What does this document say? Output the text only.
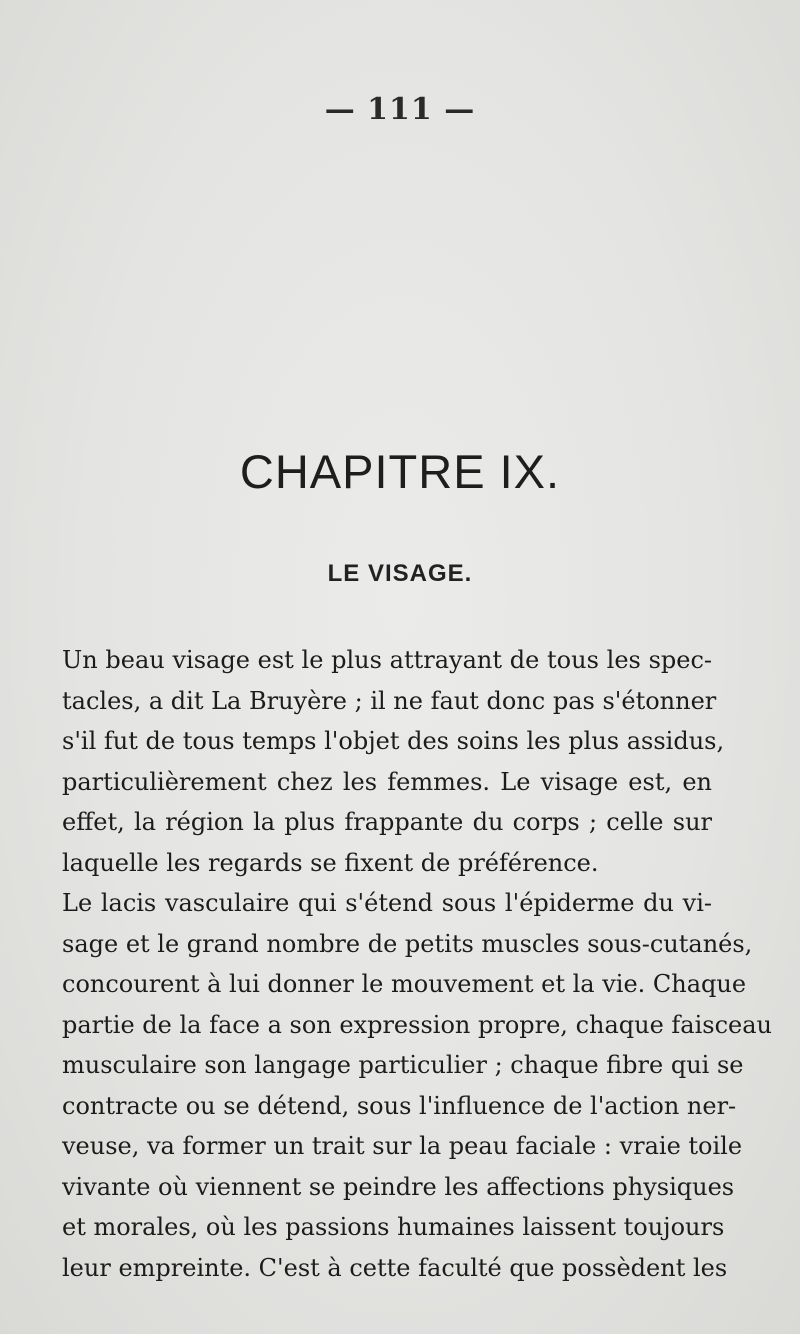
— 111 —
CHAPITRE IX.
LE VISAGE.
Un beau visage est le plus attrayant de tous les spec-
tacles, a dit La Bruyère ; il ne faut donc pas s'étonner
s'il fut de tous temps l'objet des soins les plus assidus,
particulièrement chez les femmes. Le visage est, en
effet, la région la plus frappante du corps ; celle sur
laquelle les regards se fixent de préférence.
Le lacis vasculaire qui s'étend sous l'épiderme du vi-
sage et le grand nombre de petits muscles sous-cutanés,
concourent à lui donner le mouvement et la vie. Chaque
partie de la face a son expression propre, chaque faisceau
musculaire son langage particulier ; chaque fibre qui se
contracte ou se détend, sous l'influence de l'action ner-
veuse, va former un trait sur la peau faciale : vraie toile
vivante où viennent se peindre les affections physiques
et morales, où les passions humaines laissent toujours
leur empreinte. C'est à cette faculté que possèdent les
